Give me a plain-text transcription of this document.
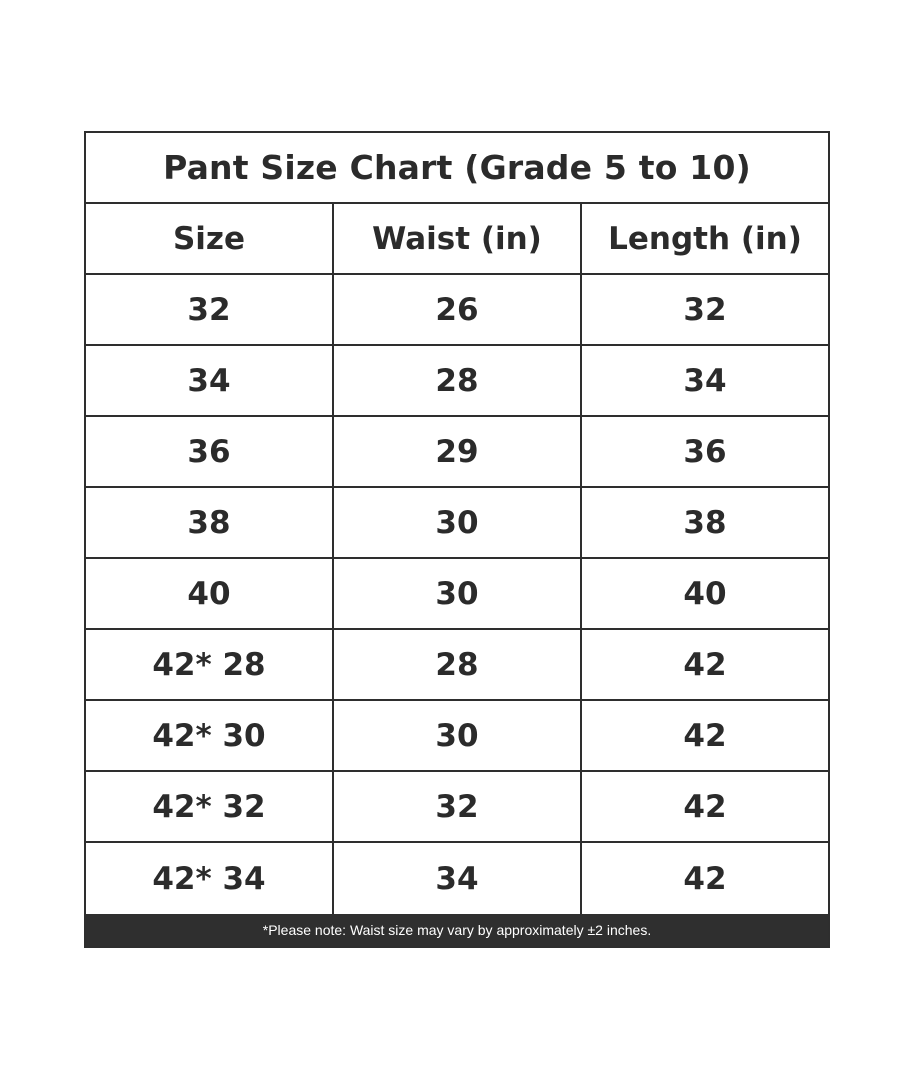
Pant Size Chart (Grade 5 to 10)
Size	Waist (in)	Length (in)
32	26	32
34	28	34
36	29	36
38	30	38
40	30	40
42* 28	28	42
42* 30	30	42
42* 32	32	42
42* 34	34	42
*Please note: Waist size may vary by approximately ±2 inches.
